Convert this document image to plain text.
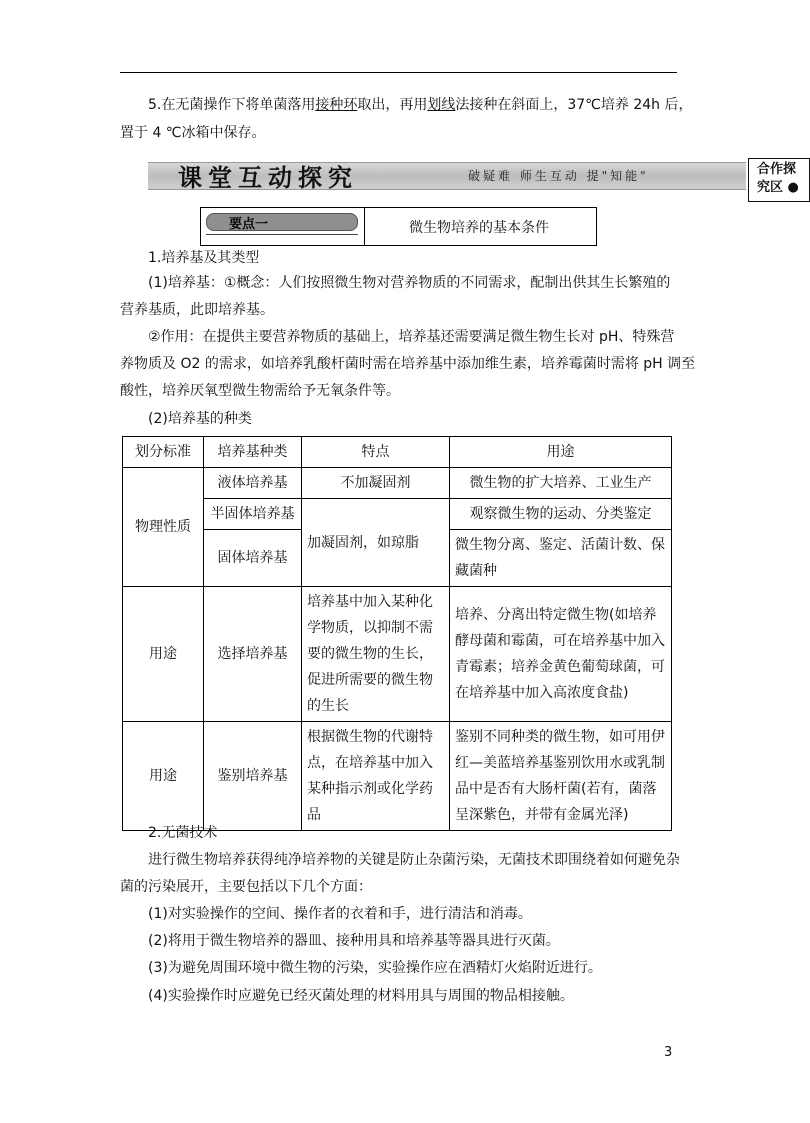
5.在无菌操作下将单菌落用接种环取出，再用划线法接种在斜面上，37℃培养 24h 后，
置于 4 ℃冰箱中保存。
课堂互动探究	破疑难 师生互动 提"知能"	合作探
究区 ●
要点一	微生物培养的基本条件
1.培养基及其类型
(1)培养基：①概念：人们按照微生物对营养物质的不同需求，配制出供其生长繁殖的
营养基质，此即培养基。
②作用：在提供主要营养物质的基础上，培养基还需要满足微生物生长对 pH、特殊营
养物质及 O2 的需求，如培养乳酸杆菌时需在培养基中添加维生素，培养霉菌时需将 pH 调至
酸性，培养厌氧型微生物需给予无氧条件等。
(2)培养基的种类
划分标准	培养基种类	特点	用途
物理性质	液体培养基	不加凝固剂	微生物的扩大培养、工业生产
	半固体培养基	加凝固剂，如琼脂	观察微生物的运动、分类鉴定
	固体培养基		微生物分离、鉴定、活菌计数、保藏菌种
用途	选择培养基	培养基中加入某种化学物质，以抑制不需要的微生物的生长，促进所需要的微生物的生长	培养、分离出特定微生物(如培养酵母菌和霉菌，可在培养基中加入青霉素；培养金黄色葡萄球菌，可在培养基中加入高浓度食盐)
用途	鉴别培养基	根据微生物的代谢特点，在培养基中加入某种指示剂或化学药品	鉴别不同种类的微生物，如可用伊红—美蓝培养基鉴别饮用水或乳制品中是否有大肠杆菌(若有，菌落呈深紫色，并带有金属光泽)
2.无菌技术
进行微生物培养获得纯净培养物的关键是防止杂菌污染，无菌技术即围绕着如何避免杂
菌的污染展开，主要包括以下几个方面：
(1)对实验操作的空间、操作者的衣着和手，进行清洁和消毒。
(2)将用于微生物培养的器皿、接种用具和培养基等器具进行灭菌。
(3)为避免周围环境中微生物的污染，实验操作应在酒精灯火焰附近进行。
(4)实验操作时应避免已经灭菌处理的材料用具与周围的物品相接触。
3
